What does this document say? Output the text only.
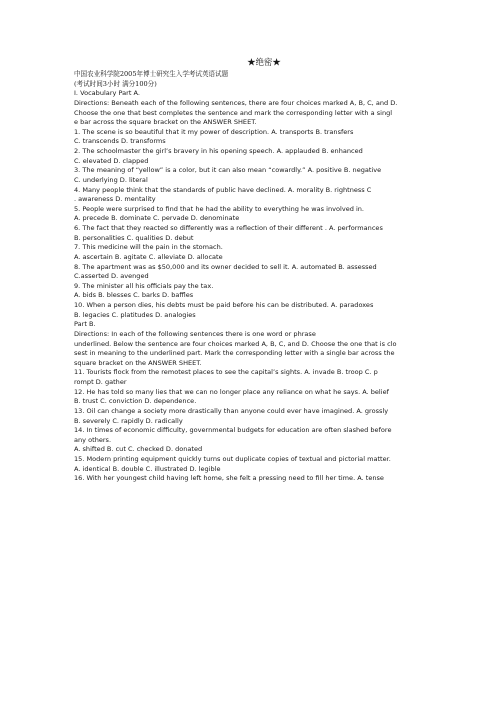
★绝密★
中国农业科学院2005年博士研究生入学考试英语试题
(考试时间3小时 满分100分)
Ⅰ. Vocabulary Part A.
Directions: Beneath each of the following sentences, there are four choices marked A, B, C, and D.
Choose the one that best completes the sentence and mark the corresponding letter with a singl
e bar across the square bracket on the ANSWER SHEET.
1. The scene is so beautiful that it my power of description. A. transports B. transfers
C. transcends D. transforms
2. The schoolmaster the girl’s bravery in his opening speech. A. applauded B. enhanced
C. elevated D. clapped
3. The meaning of “yellow” is a color, but it can also mean “cowardly.” A. positive B. negative
C. underlying D. literal
4. Many people think that the standards of public have declined. A. morality B. rightness C
. awareness D. mentality
5. People were surprised to find that he had the ability to everything he was involved in.
A. precede B. dominate C. pervade D. denominate
6. The fact that they reacted so differently was a reflection of their different . A. performances
B. personalities C. qualities D. debut
7. This medicine will the pain in the stomach.
A. ascertain B. agitate C. alleviate D. allocate
8. The apartment was as $50,000 and its owner decided to sell it. A. automated B. assessed
C.asserted D. avenged
9. The minister all his officials pay the tax.
A. bids B. blesses C. barks D. baffles
10. When a person dies, his debts must be paid before his can be distributed. A. paradoxes
B. legacies C. platitudes D. analogies
Part B.
Directions: In each of the following sentences there is one word or phrase
underlined. Below the sentence are four choices marked A, B, C, and D. Choose the one that is clo
sest in meaning to the underlined part. Mark the corresponding letter with a single bar across the
square bracket on the ANSWER SHEET.
11. Tourists flock from the remotest places to see the capital’s sights. A. invade B. troop C. p
rompt D. gather
12. He has told so many lies that we can no longer place any reliance on what he says. A. belief
B. trust C. conviction D. dependence.
13. Oil can change a society more drastically than anyone could ever have imagined. A. grossly
B. severely C. rapidly D. radically
14. In times of economic difficulty, governmental budgets for education are often slashed before
any others.
A. shifted B. cut C. checked D. donated
15. Modern printing equipment quickly turns out duplicate copies of textual and pictorial matter.
A. identical B. double C. illustrated D. legible
16. With her youngest child having left home, she felt a pressing need to fill her time. A. tense
